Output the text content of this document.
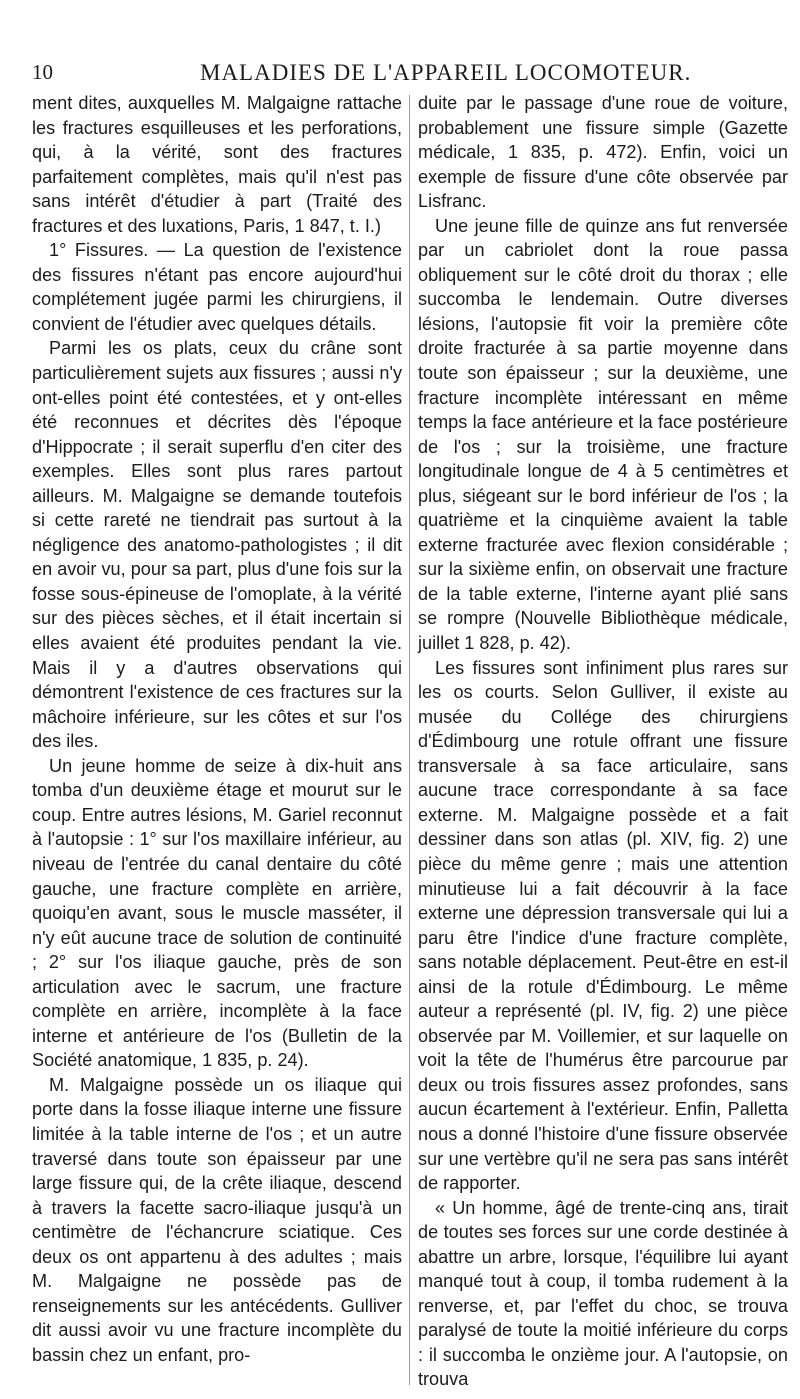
10	MALADIES DE L'APPAREIL LOCOMOTEUR.

ment dites, auxquelles M. Malgaigne rattache les fractures esquilleuses et les perforations, qui, à la vérité, sont des fractures parfaitement complètes, mais qu'il n'est pas sans intérêt d'étudier à part (Traité des fractures et des luxations, Paris, 1 847, t. I.)

1° Fissures. — La question de l'existence des fissures n'étant pas encore aujourd'hui complétement jugée parmi les chirurgiens, il convient de l'étudier avec quelques détails.

Parmi les os plats, ceux du crâne sont particulièrement sujets aux fissures ; aussi n'y ont-elles point été contestées, et y ont-elles été reconnues et décrites dès l'époque d'Hippocrate ; il serait superflu d'en citer des exemples. Elles sont plus rares partout ailleurs. M. Malgaigne se demande toutefois si cette rareté ne tiendrait pas surtout à la négligence des anatomo-pathologistes ; il dit en avoir vu, pour sa part, plus d'une fois sur la fosse sous-épineuse de l'omoplate, à la vérité sur des pièces sèches, et il était incertain si elles avaient été produites pendant la vie. Mais il y a d'autres observations qui démontrent l'existence de ces fractures sur la mâchoire inférieure, sur les côtes et sur l'os des iles.

Un jeune homme de seize à dix-huit ans tomba d'un deuxième étage et mourut sur le coup. Entre autres lésions, M. Gariel reconnut à l'autopsie : 1° sur l'os maxillaire inférieur, au niveau de l'entrée du canal dentaire du côté gauche, une fracture complète en arrière, quoiqu'en avant, sous le muscle masséter, il n'y eût aucune trace de solution de continuité ; 2° sur l'os iliaque gauche, près de son articulation avec le sacrum, une fracture complète en arrière, incomplète à la face interne et antérieure de l'os (Bulletin de la Société anatomique, 1 835, p. 24).

M. Malgaigne possède un os iliaque qui porte dans la fosse iliaque interne une fissure limitée à la table interne de l'os ; et un autre traversé dans toute son épaisseur par une large fissure qui, de la crête iliaque, descend à travers la facette sacro-iliaque jusqu'à un centimètre de l'échancrure sciatique. Ces deux os ont appartenu à des adultes ; mais M. Malgaigne ne possède pas de renseignements sur les antécédents. Gulliver dit aussi avoir vu une fracture incomplète du bassin chez un enfant, pro-

duite par le passage d'une roue de voiture, probablement une fissure simple (Gazette médicale, 1 835, p. 472). Enfin, voici un exemple de fissure d'une côte observée par Lisfranc.

Une jeune fille de quinze ans fut renversée par un cabriolet dont la roue passa obliquement sur le côté droit du thorax ; elle succomba le lendemain. Outre diverses lésions, l'autopsie fit voir la première côte droite fracturée à sa partie moyenne dans toute son épaisseur ; sur la deuxième, une fracture incomplète intéressant en même temps la face antérieure et la face postérieure de l'os ; sur la troisième, une fracture longitudinale longue de 4 à 5 centimètres et plus, siégeant sur le bord inférieur de l'os ; la quatrième et la cinquième avaient la table externe fracturée avec flexion considérable ; sur la sixième enfin, on observait une fracture de la table externe, l'interne ayant plié sans se rompre (Nouvelle Bibliothèque médicale, juillet 1 828, p. 42).

Les fissures sont infiniment plus rares sur les os courts. Selon Gulliver, il existe au musée du Collége des chirurgiens d'Édimbourg une rotule offrant une fissure transversale à sa face articulaire, sans aucune trace correspondante à sa face externe. M. Malgaigne possède et a fait dessiner dans son atlas (pl. XIV, fig. 2) une pièce du même genre ; mais une attention minutieuse lui a fait découvrir à la face externe une dépression transversale qui lui a paru être l'indice d'une fracture complète, sans notable déplacement. Peut-être en est-il ainsi de la rotule d'Édimbourg. Le même auteur a représenté (pl. IV, fig. 2) une pièce observée par M. Voillemier, et sur laquelle on voit la tête de l'humérus être parcourue par deux ou trois fissures assez profondes, sans aucun écartement à l'extérieur. Enfin, Palletta nous a donné l'histoire d'une fissure observée sur une vertèbre qu'il ne sera pas sans intérêt de rapporter.

« Un homme, âgé de trente-cinq ans, tirait de toutes ses forces sur une corde destinée à abattre un arbre, lorsque, l'équilibre lui ayant manqué tout à coup, il tomba rudement à la renverse, et, par l'effet du choc, se trouva paralysé de toute la moitié inférieure du corps : il succomba le onzième jour. A l'autopsie, on trouva
